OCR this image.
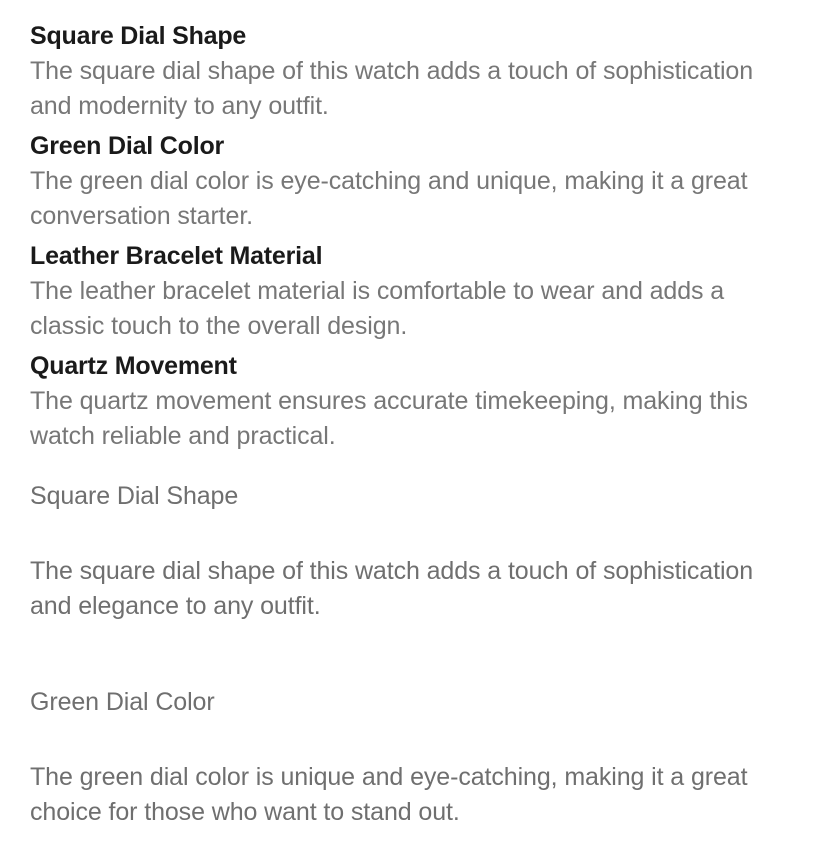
Square Dial Shape
The square dial shape of this watch adds a touch of sophistication and modernity to any outfit.
Green Dial Color
The green dial color is eye-catching and unique, making it a great conversation starter.
Leather Bracelet Material
The leather bracelet material is comfortable to wear and adds a classic touch to the overall design.
Quartz Movement
The quartz movement ensures accurate timekeeping, making this watch reliable and practical.
Square Dial Shape
The square dial shape of this watch adds a touch of sophistication and elegance to any outfit.
Green Dial Color
The green dial color is unique and eye-catching, making it a great choice for those who want to stand out.
